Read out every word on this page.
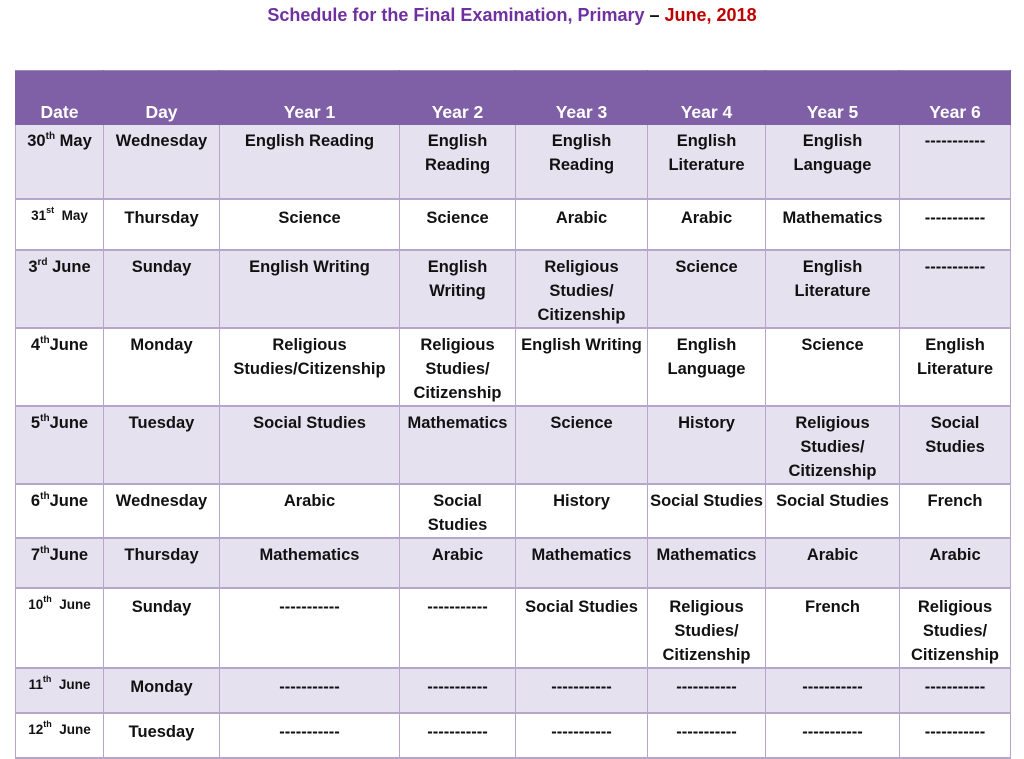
Schedule for the Final Examination, Primary – June, 2018
Date	Day	Year 1	Year 2	Year 3	Year 4	Year 5	Year 6
30th May	Wednesday	English Reading	English Reading	English Reading	English Literature	English Language	-----------
31st  May	Thursday	Science	Science	Arabic	Arabic	Mathematics	-----------
3rd June	Sunday	English Writing	English Writing	Religious Studies/ Citizenship	Science	English Literature	-----------
4thJune	Monday	Religious Studies/Citizenship	Religious Studies/ Citizenship	English Writing	English Language	Science	English Literature
5thJune	Tuesday	Social Studies	Mathematics	Science	History	Religious Studies/ Citizenship	Social Studies
6thJune	Wednesday	Arabic	Social Studies	History	Social Studies	Social Studies	French
7thJune	Thursday	Mathematics	Arabic	Mathematics	Mathematics	Arabic	Arabic
10th  June	Sunday	-----------	-----------	Social Studies	Religious Studies/ Citizenship	French	Religious Studies/ Citizenship
11th  June	Monday	-----------	-----------	-----------	-----------	-----------	-----------
12th  June	Tuesday	-----------	-----------	-----------	-----------	-----------	-----------
